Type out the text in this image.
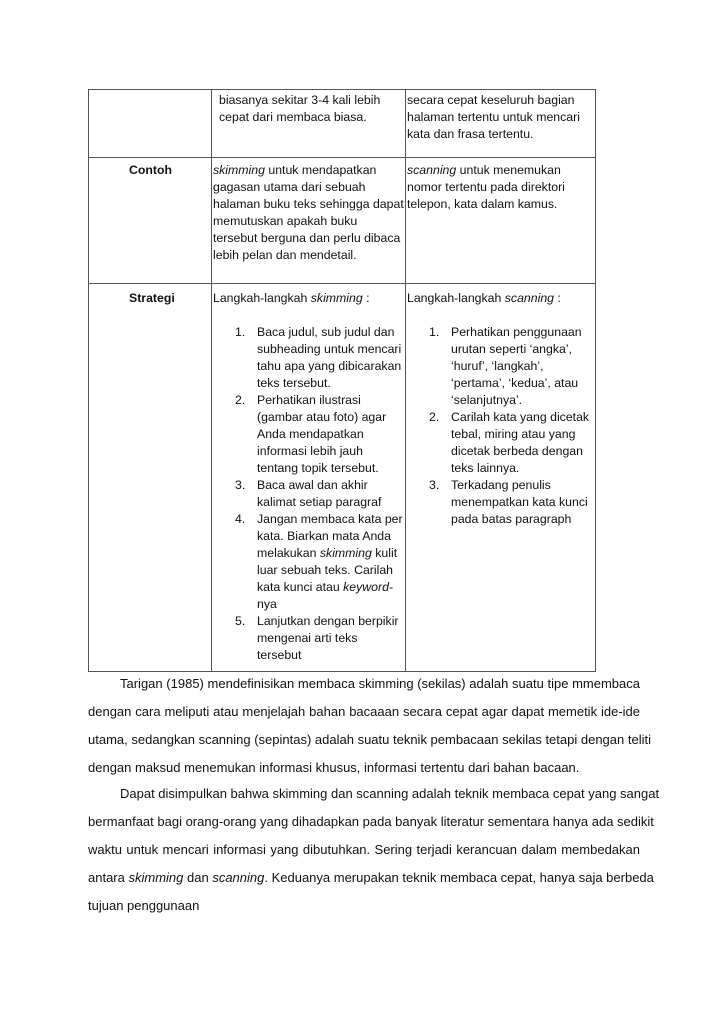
biasanya sekitar 3-4 kali lebih
cepat dari membaca biasa.
secara cepat keseluruh bagian
halaman tertentu untuk mencari
kata dan frasa tertentu.
Contoh	skimming untuk mendapatkan
gagasan utama dari sebuah
halaman buku teks sehingga dapat
memutuskan apakah buku
tersebut berguna dan perlu dibaca
lebih pelan dan mendetail.
scanning untuk menemukan
nomor tertentu pada direktori
telepon, kata dalam kamus.
Strategi	Langkah-langkah skimming :
1. Baca judul, sub judul dan
subheading untuk mencari
tahu apa yang dibicarakan
teks tersebut.
2. Perhatikan ilustrasi
(gambar atau foto) agar
Anda mendapatkan
informasi lebih jauh
tentang topik tersebut.
3. Baca awal dan akhir
kalimat setiap paragraf
4. Jangan membaca kata per
kata. Biarkan mata Anda
melakukan skimming kulit
luar sebuah teks. Carilah
kata kunci atau keyword-
nya
5. Lanjutkan dengan berpikir
mengenai arti teks
tersebut
Langkah-langkah scanning :
1. Perhatikan penggunaan
urutan seperti ‘angka’,
‘huruf’, ‘langkah’,
‘pertama’, ‘kedua’, atau
‘selanjutnya’.
2. Carilah kata yang dicetak
tebal, miring atau yang
dicetak berbeda dengan
teks lainnya.
3. Terkadang penulis
menempatkan kata kunci
pada batas paragraph
Tarigan (1985) mendefinisikan membaca skimming (sekilas) adalah suatu tipe mmembaca
dengan cara meliputi atau menjelajah bahan bacaaan secara cepat agar dapat memetik ide-ide
utama, sedangkan scanning (sepintas) adalah suatu teknik pembacaan sekilas tetapi dengan teliti
dengan maksud menemukan informasi khusus, informasi tertentu dari bahan bacaan.
Dapat disimpulkan bahwa skimming dan scanning adalah teknik membaca cepat yang sangat
bermanfaat bagi orang-orang yang dihadapkan pada banyak literatur sementara hanya ada sedikit
waktu untuk mencari informasi yang dibutuhkan. Sering terjadi kerancuan dalam membedakan
antara skimming dan scanning. Keduanya merupakan teknik membaca cepat, hanya saja berbeda
tujuan penggunaan
